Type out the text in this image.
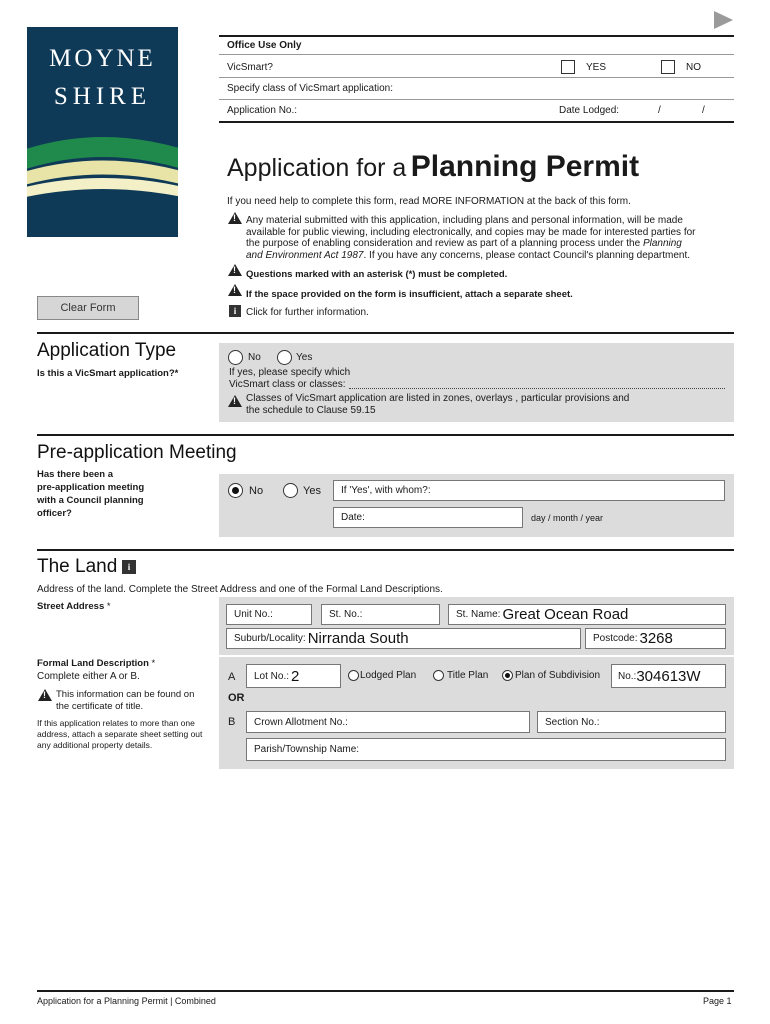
MOYNE
SHIRE
Office Use Only
VicSmart?	YES	NO
Specify class of VicSmart application:
Application No.:	Date Lodged:	/	/
Application for a Planning Permit
If you need help to complete this form, read MORE INFORMATION at the back of this form.
!
Any material submitted with this application, including plans and personal information, will be made
available for public viewing, including electronically, and copies may be made for interested parties for
the purpose of enabling consideration and review as part of a planning process under the Planning
and Environment Act 1987. If you have any concerns, please contact Council's planning department.
!
Questions marked with an asterisk (*) must be completed.
!
If the space provided on the form is insufficient, attach a separate sheet.
Clear Form	i Click for further information.
Application Type
Is this a VicSmart application?*
No	Yes
If yes, please specify which
VicSmart class or classes:
!
Classes of VicSmart application are listed in zones, overlays , particular provisions and
the schedule to Clause 59.15
Pre-application Meeting
Has there been a
pre-application meeting
with a Council planning
officer?
No	Yes If 'Yes', with whom?:
Date:	day / month / year
The Land	i
Address of the land. Complete the Street Address and one of the Formal Land Descriptions.
Street Address *
Unit No.:	St. No.:	St. Name: Great Ocean Road
Suburb/Locality: Nirranda South	Postcode: 3268
Formal Land Description *
Complete either A or B.
!
This information can be found on
the certificate of title.
If this application relates to more than one
address, attach a separate sheet setting out
any additional property details.
A Lot No.: 2	Lodged Plan	Title Plan	Plan of Subdivision No.: 304613W
OR
B Crown Allotment No.:	Section No.:
Parish/Township Name:
Application for a Planning Permit | Combined	Page 1
